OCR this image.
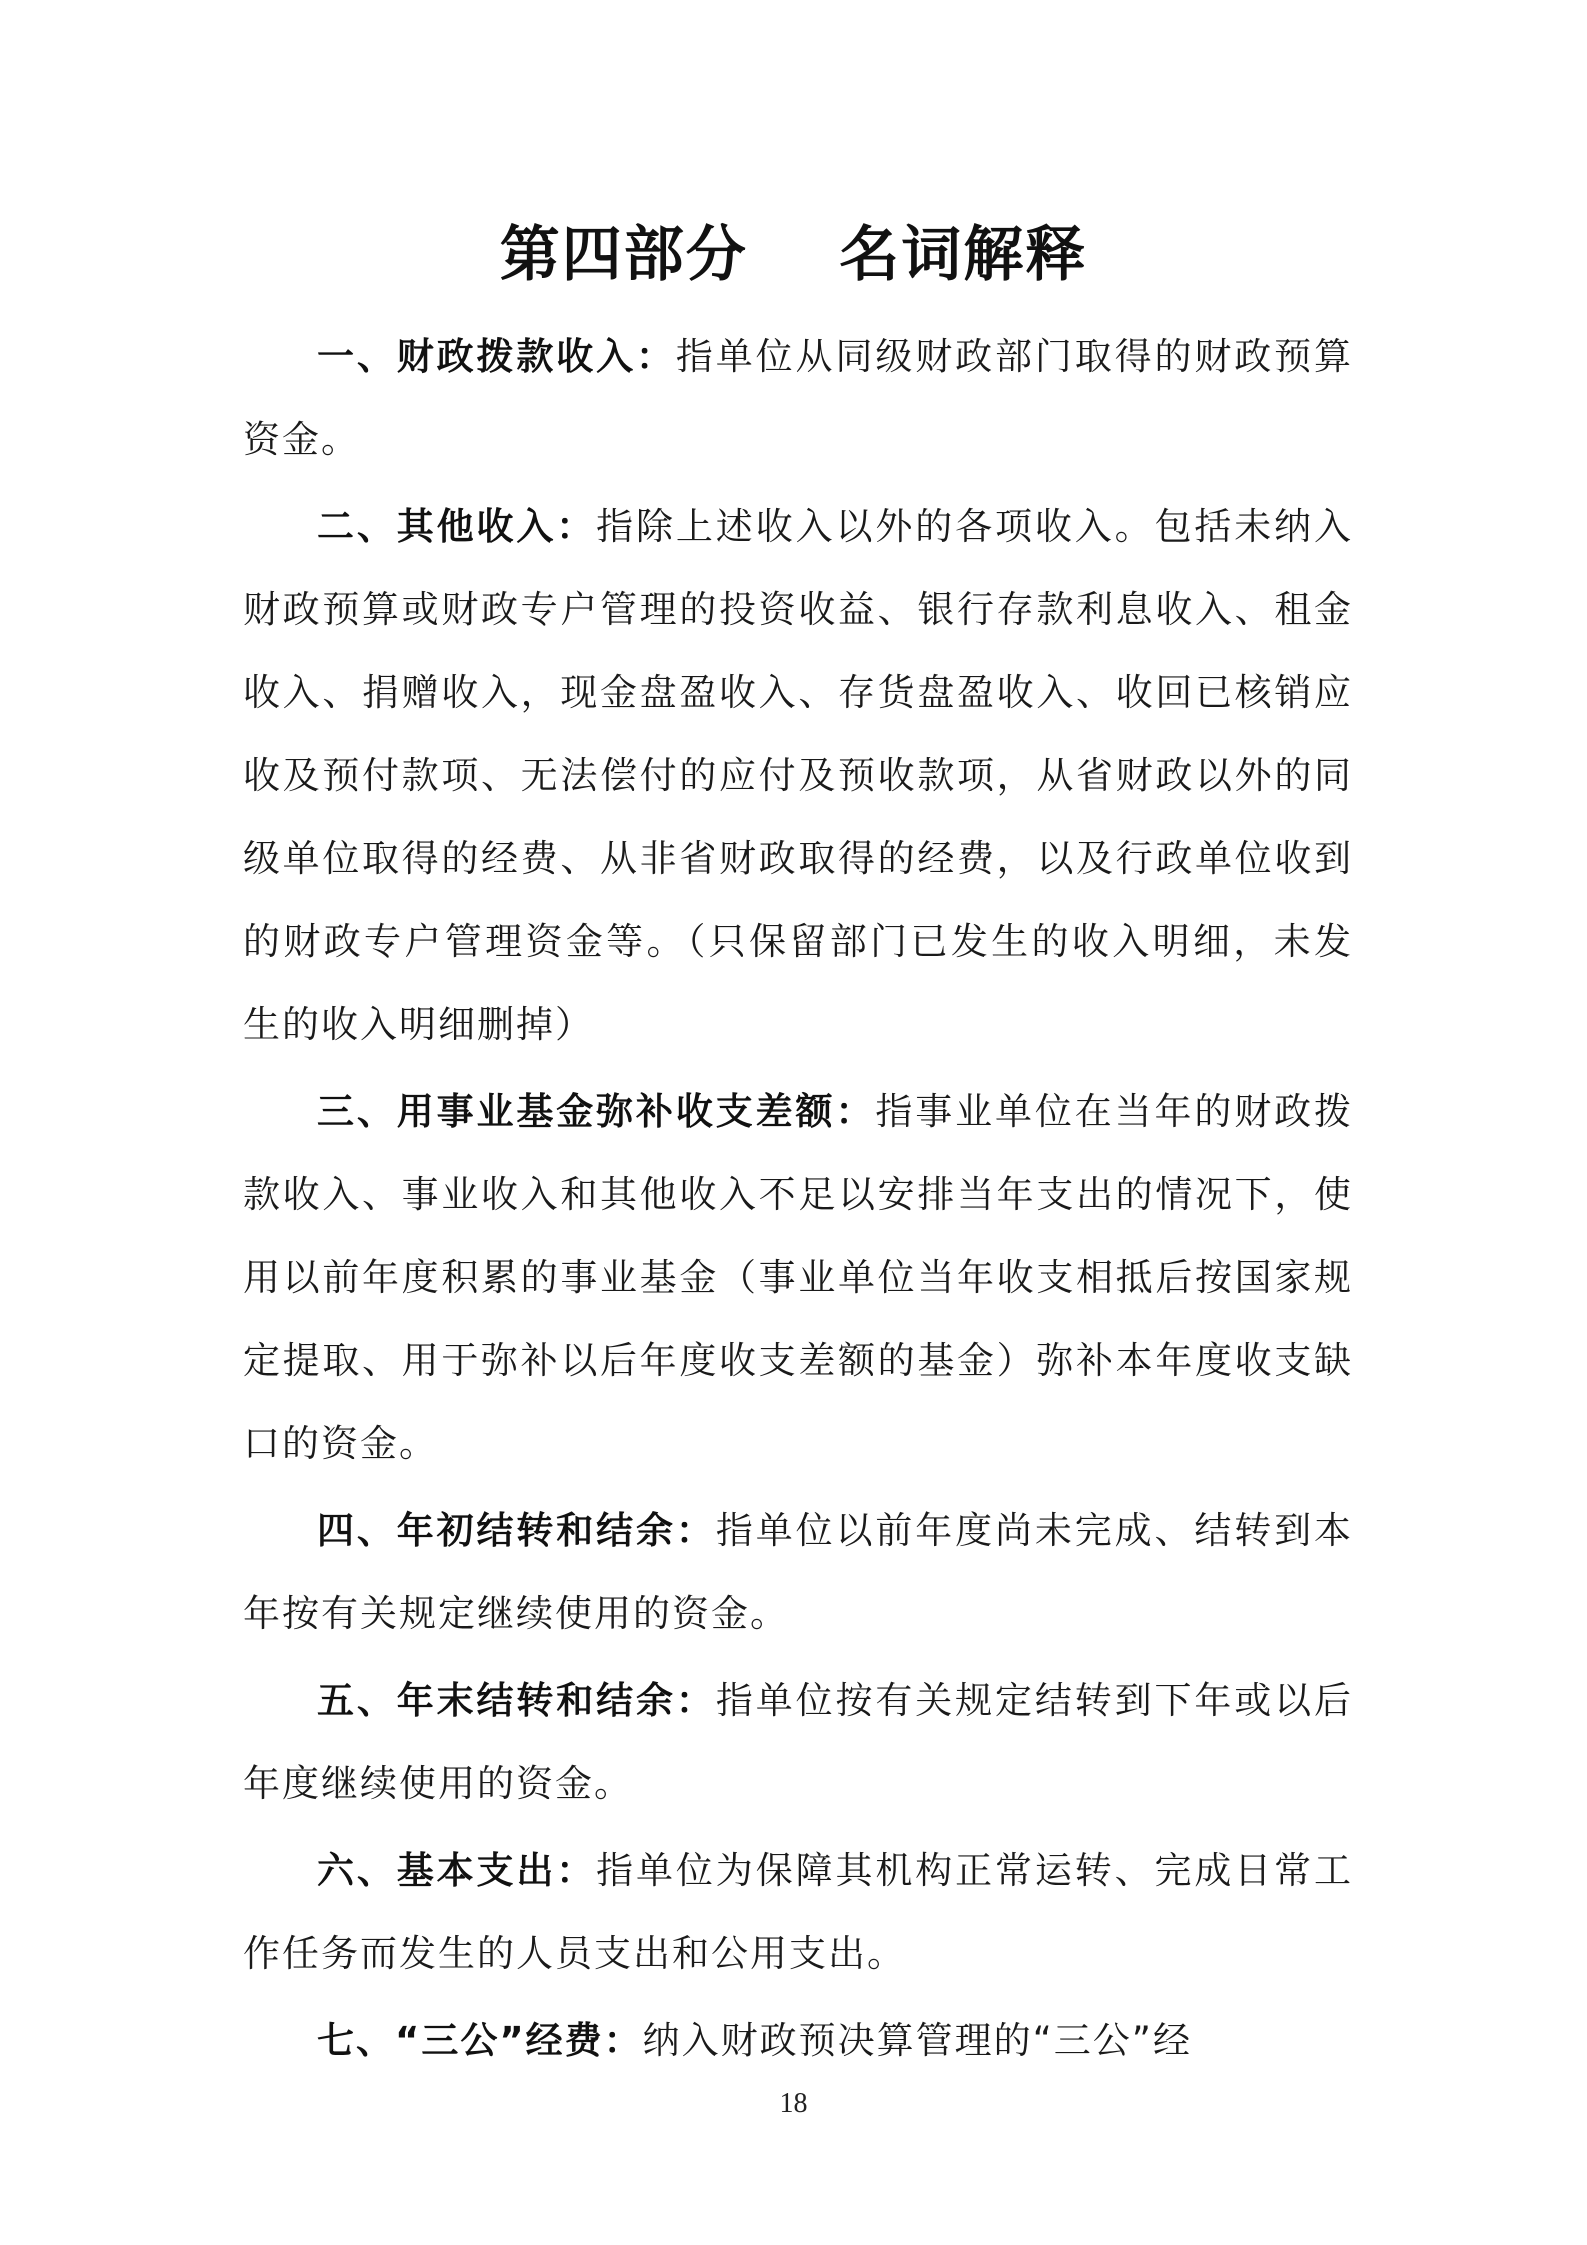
第四部分    名词解释

一、财政拨款收入：指单位从同级财政部门取得的财政预算资金。

二、其他收入：指除上述收入以外的各项收入。包括未纳入财政预算或财政专户管理的投资收益、银行存款利息收入、租金收入、捐赠收入，现金盘盈收入、存货盘盈收入、收回已核销应收及预付款项、无法偿付的应付及预收款项，从省财政以外的同级单位取得的经费、从非省财政取得的经费，以及行政单位收到的财政专户管理资金等。（只保留部门已发生的收入明细，未发生的收入明细删掉）

三、用事业基金弥补收支差额：指事业单位在当年的财政拨款收入、事业收入和其他收入不足以安排当年支出的情况下，使用以前年度积累的事业基金（事业单位当年收支相抵后按国家规定提取、用于弥补以后年度收支差额的基金）弥补本年度收支缺口的资金。

四、年初结转和结余：指单位以前年度尚未完成、结转到本年按有关规定继续使用的资金。

五、年末结转和结余：指单位按有关规定结转到下年或以后年度继续使用的资金。

六、基本支出：指单位为保障其机构正常运转、完成日常工作任务而发生的人员支出和公用支出。

七、“三公”经费：纳入财政预决算管理的“三公”经

18
